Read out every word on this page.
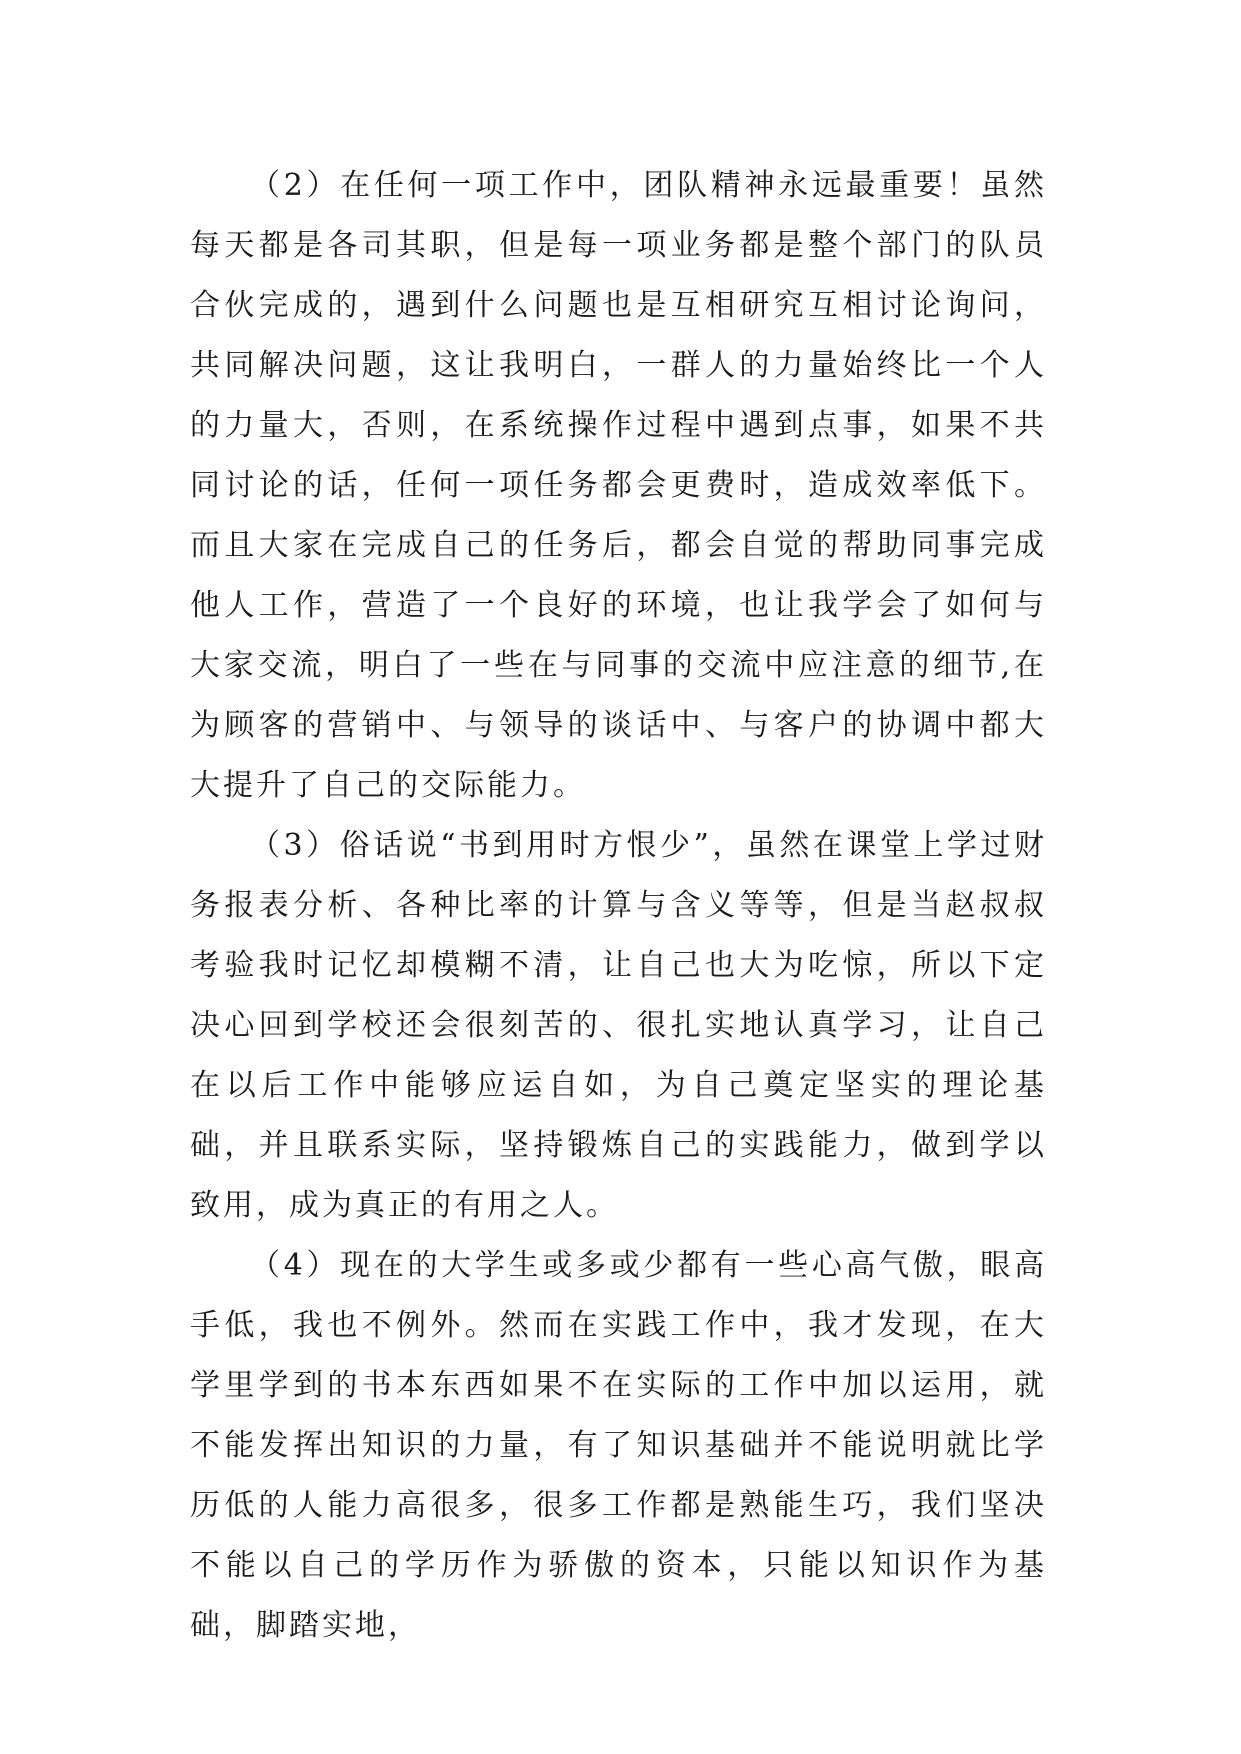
（2）在任何一项工作中，团队精神永远最重要！虽然每天都是各司其职，但是每一项业务都是整个部门的队员合伙完成的，遇到什么问题也是互相研究互相讨论询问，共同解决问题，这让我明白，一群人的力量始终比一个人的力量大，否则，在系统操作过程中遇到点事，如果不共同讨论的话，任何一项任务都会更费时，造成效率低下。而且大家在完成自己的任务后，都会自觉的帮助同事完成他人工作，营造了一个良好的环境，也让我学会了如何与大家交流，明白了一些在与同事的交流中应注意的细节,在为顾客的营销中、与领导的谈话中、与客户的协调中都大大提升了自己的交际能力。

（3）俗话说“书到用时方恨少”，虽然在课堂上学过财务报表分析、各种比率的计算与含义等等，但是当赵叔叔考验我时记忆却模糊不清，让自己也大为吃惊，所以下定决心回到学校还会很刻苦的、很扎实地认真学习，让自己在以后工作中能够应运自如，为自己奠定坚实的理论基础，并且联系实际，坚持锻炼自己的实践能力，做到学以致用，成为真正的有用之人。

（4）现在的大学生或多或少都有一些心高气傲，眼高手低，我也不例外。然而在实践工作中，我才发现，在大学里学到的书本东西如果不在实际的工作中加以运用，就不能发挥出知识的力量，有了知识基础并不能说明就比学历低的人能力高很多，很多工作都是熟能生巧，我们坚决不能以自己的学历作为骄傲的资本，只能以知识作为基础，脚踏实地，
